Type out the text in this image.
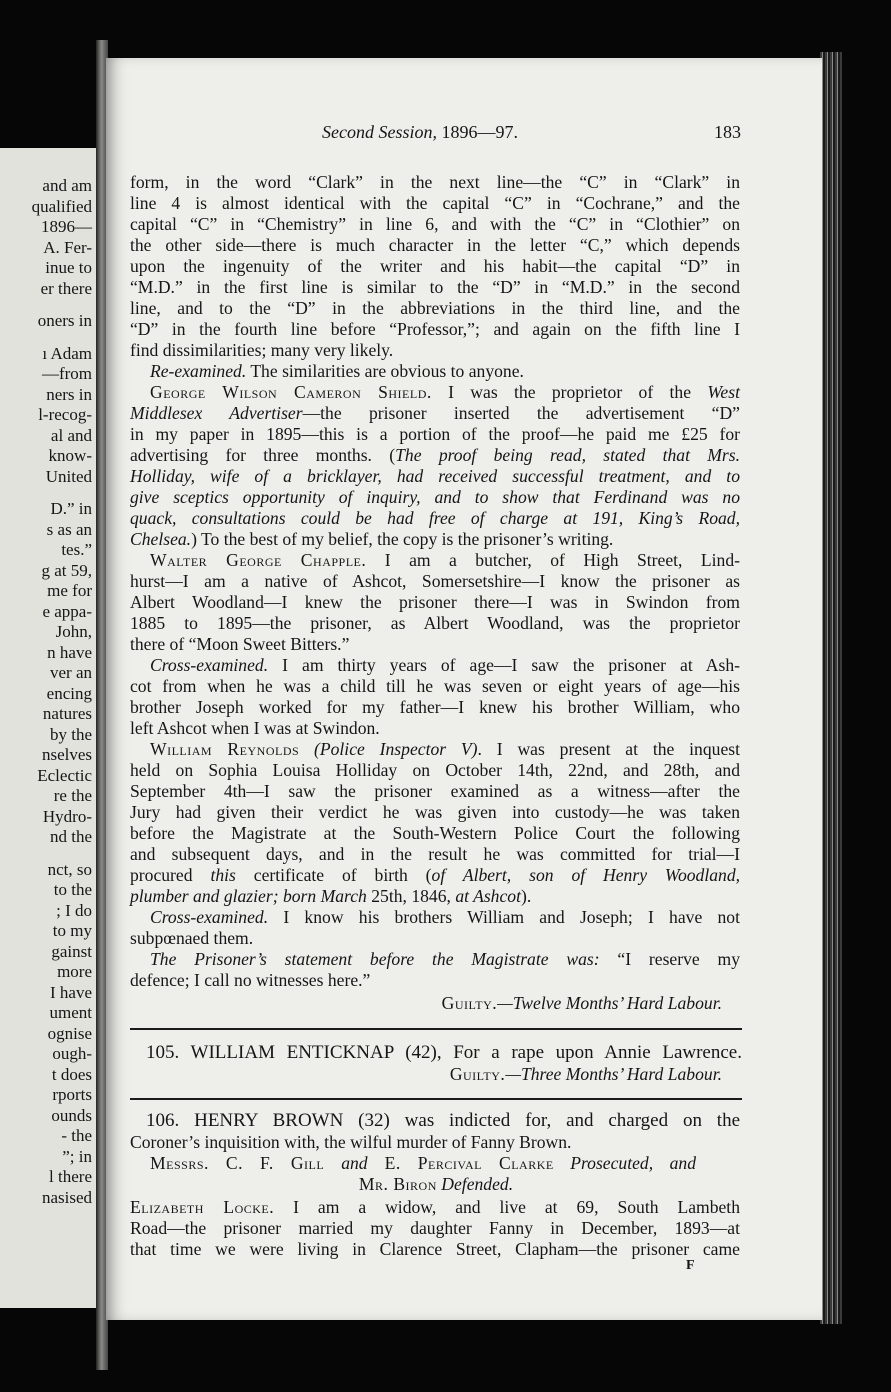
and am
qualified
1896—
A. Fer-
inue to
er there
oners in
ı Adam
—from
ners in
l-recog-
al and
know-
United
D.” in
s as an
tes.”
g at 59,
me for
e appa-
John,
n have
ver an
encing
natures
by the
nselves
Eclectic
re the
Hydro-
nd the
nct, so
to the
; I do
to my
gainst
more
I have
ument
ognise
ough-
t does
rports
ounds
- the
”; in
l there
nasised
Second Session, 1896—97.	183
form, in the word “Clark” in the next line—the “C” in “Clark” in
line 4 is almost identical with the capital “C” in “Cochrane,” and the
capital “C” in “Chemistry” in line 6, and with the “C” in “Clothier” on
the other side—there is much character in the letter “C,” which depends
upon the ingenuity of the writer and his habit—the capital “D” in
“M.D.” in the first line is similar to the “D” in “M.D.” in the second
line, and to the “D” in the abbreviations in the third line, and the
“D” in the fourth line before “Professor,”; and again on the fifth line I
find dissimilarities; many very likely.
Re-examined. The similarities are obvious to anyone.
George Wilson Cameron Shield. I was the proprietor of the West
Middlesex Advertiser—the prisoner inserted the advertisement “D”
in my paper in 1895—this is a portion of the proof—he paid me £25 for
advertising for three months. (The proof being read, stated that Mrs.
Holliday, wife of a bricklayer, had received successful treatment, and to
give sceptics opportunity of inquiry, and to show that Ferdinand was no
quack, consultations could be had free of charge at 191, King’s Road,
Chelsea.) To the best of my belief, the copy is the prisoner’s writing.
Walter George Chapple. I am a butcher, of High Street, Lind-
hurst—I am a native of Ashcot, Somersetshire—I know the prisoner as
Albert Woodland—I knew the prisoner there—I was in Swindon from
1885 to 1895—the prisoner, as Albert Woodland, was the proprietor
there of “Moon Sweet Bitters.”
Cross-examined. I am thirty years of age—I saw the prisoner at Ash-
cot from when he was a child till he was seven or eight years of age—his
brother Joseph worked for my father—I knew his brother William, who
left Ashcot when I was at Swindon.
William Reynolds (Police Inspector V). I was present at the inquest
held on Sophia Louisa Holliday on October 14th, 22nd, and 28th, and
September 4th—I saw the prisoner examined as a witness—after the
Jury had given their verdict he was given into custody—he was taken
before the Magistrate at the South-Western Police Court the following
and subsequent days, and in the result he was committed for trial—I
procured this certificate of birth (of Albert, son of Henry Woodland,
plumber and glazier; born March 25th, 1846, at Ashcot).
Cross-examined. I know his brothers William and Joseph; I have not
subpœnaed them.
The Prisoner’s statement before the Magistrate was: “I reserve my
defence; I call no witnesses here.”
Guilty.—Twelve Months’ Hard Labour.
105. WILLIAM ENTICKNAP (42), For a rape upon Annie Lawrence.
Guilty.—Three Months’ Hard Labour.
106. HENRY BROWN (32) was indicted for, and charged on the
Coroner’s inquisition with, the wilful murder of Fanny Brown.
Messrs. C. F. Gill and E. Percival Clarke Prosecuted, and
Mr. Biron Defended.
Elizabeth Locke. I am a widow, and live at 69, South Lambeth
Road—the prisoner married my daughter Fanny in December, 1893—at
that time we were living in Clarence Street, Clapham—the prisoner came
F
